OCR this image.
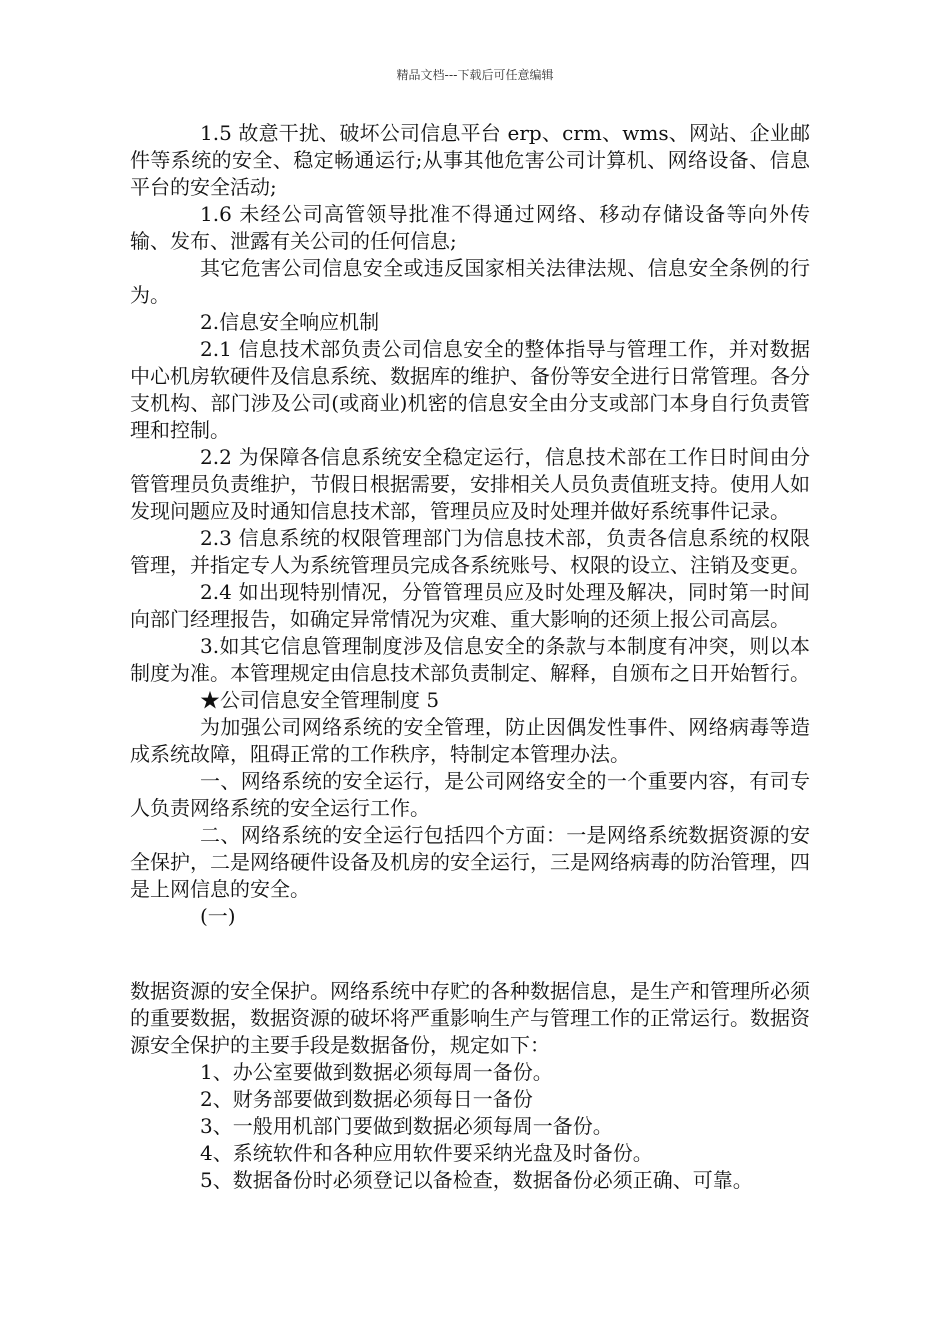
精品文档---下载后可任意编辑

1.5 故意干扰、破坏公司信息平台 erp、crm、wms、网站、企业邮件等系统的安全、稳定畅通运行;从事其他危害公司计算机、网络设备、信息平台的安全活动;

1.6 未经公司高管领导批准不得通过网络、移动存储设备等向外传输、发布、泄露有关公司的任何信息;

其它危害公司信息安全或违反国家相关法律法规、信息安全条例的行为。

2.信息安全响应机制

2.1 信息技术部负责公司信息安全的整体指导与管理工作，并对数据中心机房软硬件及信息系统、数据库的维护、备份等安全进行日常管理。各分支机构、部门涉及公司(或商业)机密的信息安全由分支或部门本身自行负责管理和控制。

2.2 为保障各信息系统安全稳定运行，信息技术部在工作日时间由分管管理员负责维护，节假日根据需要，安排相关人员负责值班支持。使用人如发现问题应及时通知信息技术部，管理员应及时处理并做好系统事件记录。

2.3 信息系统的权限管理部门为信息技术部，负责各信息系统的权限管理，并指定专人为系统管理员完成各系统账号、权限的设立、注销及变更。

2.4 如出现特别情况，分管管理员应及时处理及解决，同时第一时间向部门经理报告，如确定异常情况为灾难、重大影响的还须上报公司高层。

3.如其它信息管理制度涉及信息安全的条款与本制度有冲突，则以本制度为准。本管理规定由信息技术部负责制定、解释，自颁布之日开始暂行。

★公司信息安全管理制度 5

为加强公司网络系统的安全管理，防止因偶发性事件、网络病毒等造成系统故障，阻碍正常的工作秩序，特制定本管理办法。

一、网络系统的安全运行，是公司网络安全的一个重要内容，有司专人负责网络系统的安全运行工作。

二、网络系统的安全运行包括四个方面：一是网络系统数据资源的安全保护，二是网络硬件设备及机房的安全运行，三是网络病毒的防治管理，四是上网信息的安全。

(一)

数据资源的安全保护。网络系统中存贮的各种数据信息，是生产和管理所必须的重要数据，数据资源的破坏将严重影响生产与管理工作的正常运行。数据资源安全保护的主要手段是数据备份，规定如下：

1、办公室要做到数据必须每周一备份。

2、财务部要做到数据必须每日一备份

3、一般用机部门要做到数据必须每周一备份。

4、系统软件和各种应用软件要采纳光盘及时备份。

5、数据备份时必须登记以备检查，数据备份必须正确、可靠。
